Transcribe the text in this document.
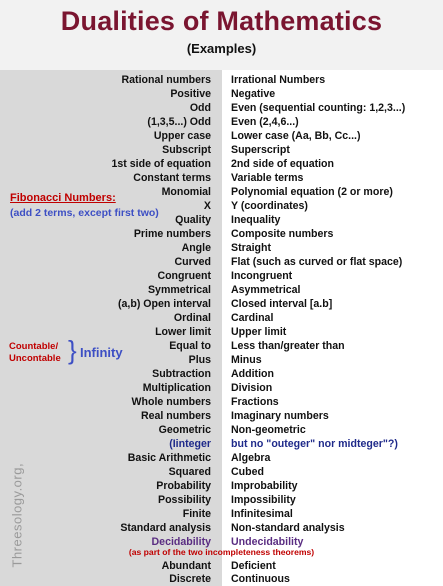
Dualities of Mathematics
(Examples)
Rational numbers Irrational Numbers
Positive Negative
Odd Even (sequential counting: 1,2,3...)
(1,3,5...) Odd Even (2,4,6...)
Upper case Lower case (Aa, Bb, Cc...)
Subscript Superscript
1st side of equation 2nd side of equation
Constant terms Variable terms
Monomial Polynomial equation (2 or more)
X Y (coordinates)
Quality Inequality
Prime numbers Composite numbers
Angle Straight
Curved Flat (such as curved or flat space)
Congruent Incongruent
Symmetrical Asymmetrical
(a,b) Open interval Closed interval [a.b]
Ordinal Cardinal
Lower limit Upper limit
Equal to Less than/greater than
Plus Minus
Subtraction Addition
Multiplication Division
Whole numbers Fractions
Real numbers Imaginary numbers
Geometric Non-geometric
(Iinteger but no "outeger" nor midteger"?)
Basic Arithmetic Algebra
Squared Cubed
Probability Improbability
Possibility Impossibility
Finite Infinitesimal
Standard analysis Non-standard analysis
Decidability Undecidability
Abundant Deficient
Discrete Continuous
Fibonacci Numbers:
(add 2 terms, except first two)
Countable/
Uncontable } Infinity
(as part of the two incompleteness theorems)
Threesology.org,
